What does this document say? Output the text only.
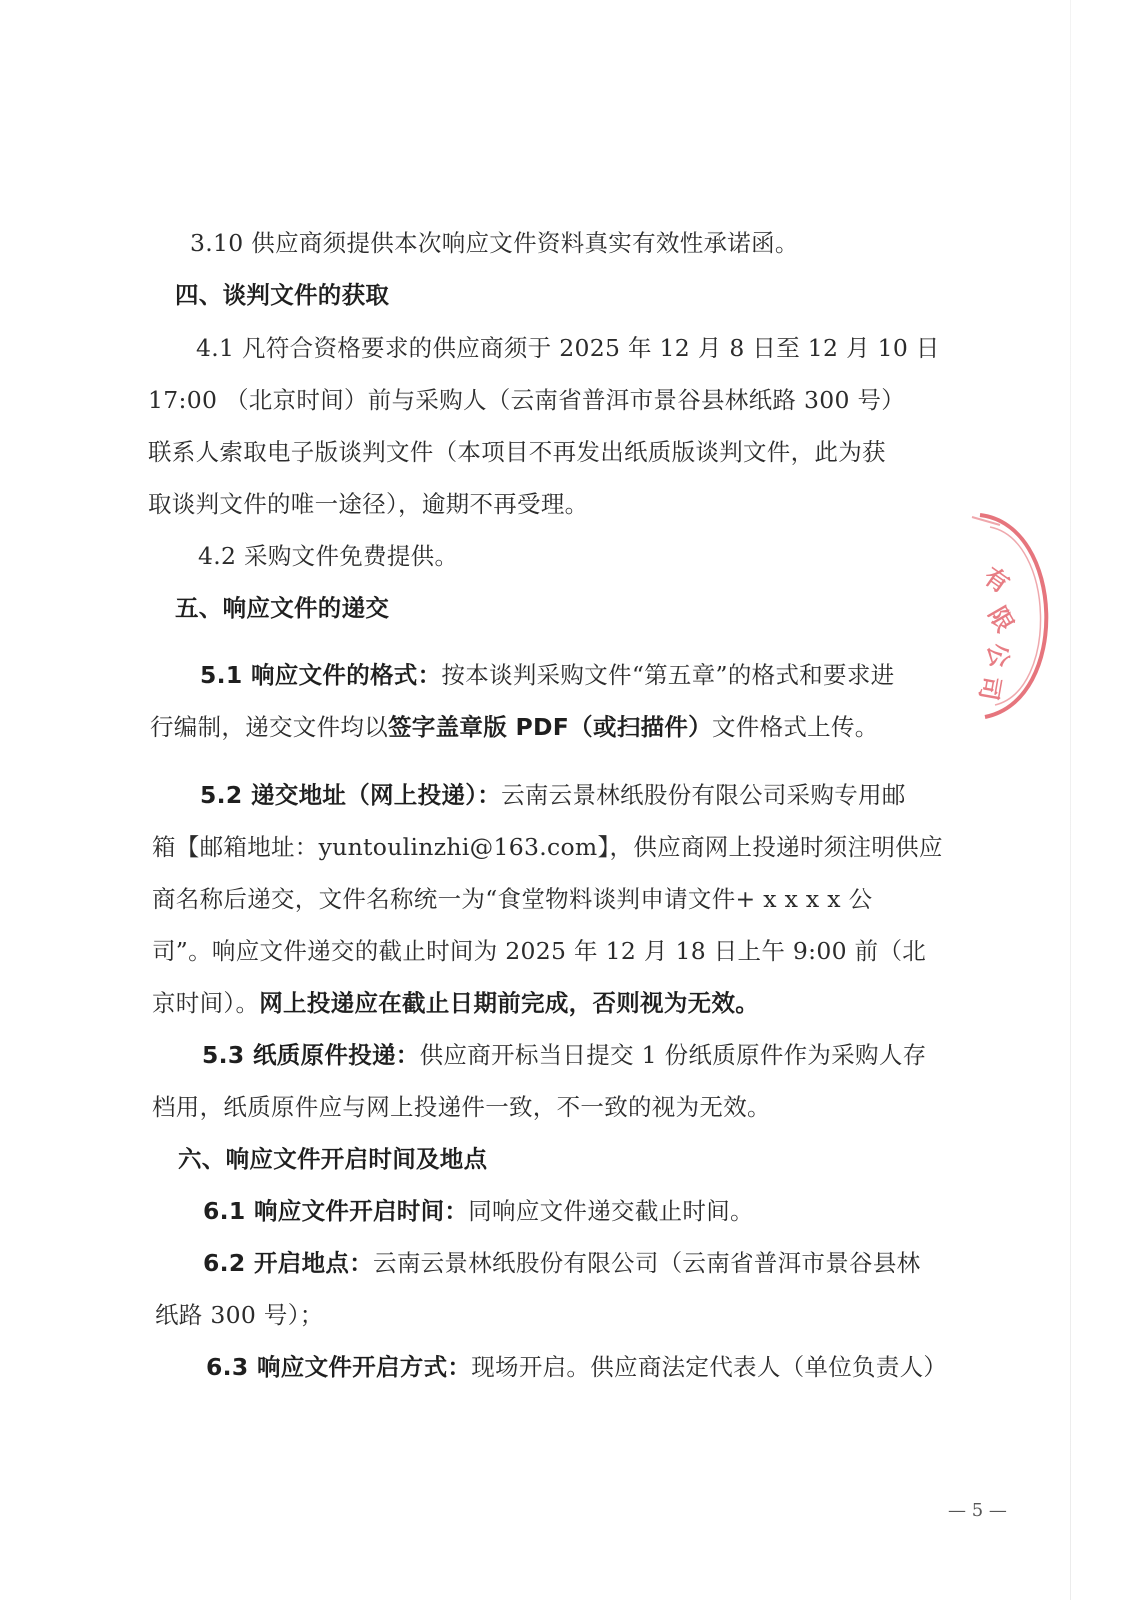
3.10 供应商须提供本次响应文件资料真实有效性承诺函。
四、谈判文件的获取
4.1 凡符合资格要求的供应商须于 2025 年 12 月 8 日至 12 月 10 日
17:00 （北京时间）前与采购人（云南省普洱市景谷县林纸路 300 号）
联系人索取电子版谈判文件（本项目不再发出纸质版谈判文件，此为获
取谈判文件的唯一途径），逾期不再受理。
4.2 采购文件免费提供。
五、响应文件的递交
5.1 响应文件的格式：按本谈判采购文件“第五章”的格式和要求进
行编制，递交文件均以签字盖章版 PDF（或扫描件）文件格式上传。
5.2 递交地址（网上投递）：云南云景林纸股份有限公司采购专用邮
箱【邮箱地址：yuntoulinzhi@163.com】，供应商网上投递时须注明供应
商名称后递交，文件名称统一为“食堂物料谈判申请文件+ x x x x 公
司”。响应文件递交的截止时间为 2025 年 12 月 18 日上午 9:00 前（北
京时间）。网上投递应在截止日期前完成，否则视为无效。
5.3 纸质原件投递：供应商开标当日提交 1 份纸质原件作为采购人存
档用，纸质原件应与网上投递件一致，不一致的视为无效。
六、响应文件开启时间及地点
6.1 响应文件开启时间：同响应文件递交截止时间。
6.2 开启地点：云南云景林纸股份有限公司（云南省普洱市景谷县林
纸路 300 号）；
6.3 响应文件开启方式：现场开启。供应商法定代表人（单位负责人）
有
限
公
司
— 5 —
